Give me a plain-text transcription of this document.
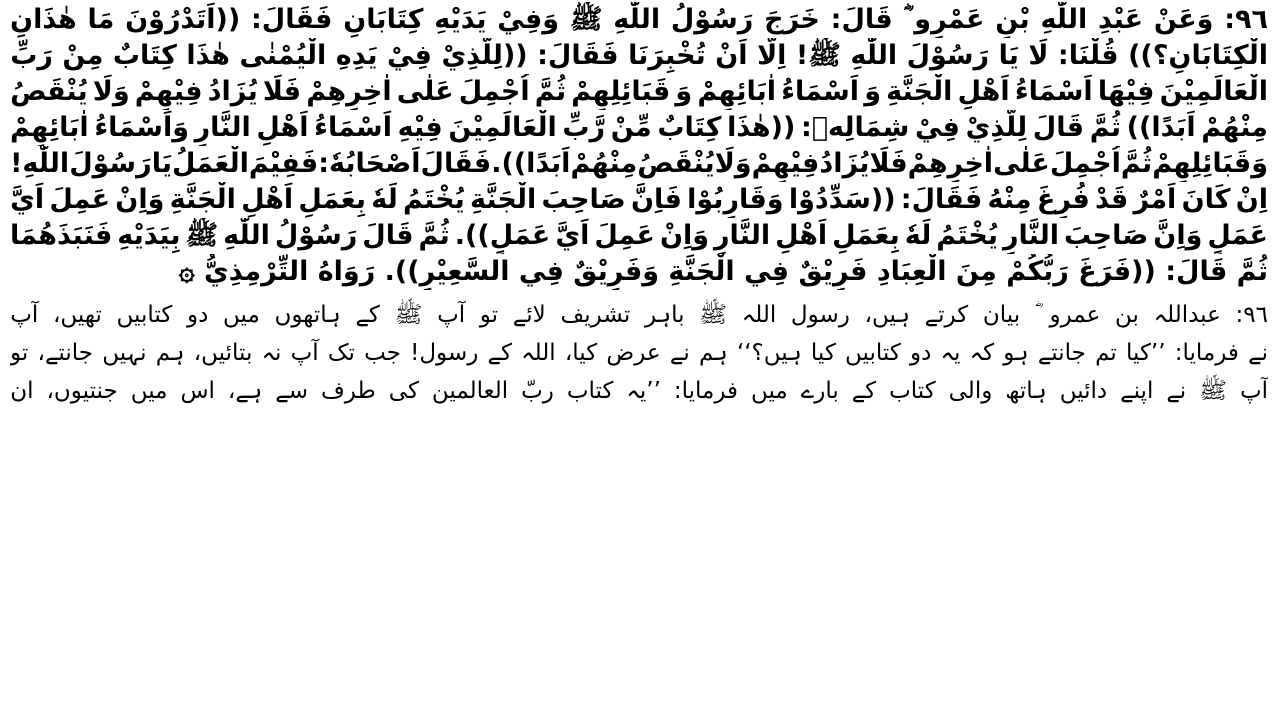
٩٦:
وَعَنْ
عَبْدِ
اللّٰهِ
بْنِ
عَمْرٍو
قَالَ:
خَرَجَ
رَسُوْلُ
اللّٰهِ
ﷺ
وَفِيْ
يَدَيْهِ
كِتَابَانِ
فَقَالَ:
((اَتَدْرُوْنَ
مَا
هٰذَانِ
الْكِتَابَانِ؟))
قُلْنَا:
لَا
يَا
رَسُوْلَ
اللّٰهِ
ﷺ!
اِلَّا
اَنْ
تُخْبِرَنَا
فَقَالَ:
((لِلَّذِيْ
فِيْ
يَدِهِ
الْيُمْنٰى
هٰذَا
كِتَابٌ
مِنْ
رَبِّ
الْعَالَمِيْنَ
فِيْهَا
اَسْمَاءُ
اَهْلِ
الْجَنَّةِ
وَ
اَسْمَاءُ
اٰبَائِهِمْ
وَ
قَبَائِلِهِمْ
ثُمَّ
اُجْمِلَ
عَلٰى
اٰخِرِهِمْ
فَلَا
يُزَادُ
فِيْهِمْ
وَلَا
يُنْقَصُ
مِنْهُمْ
اَبَدًا))
ثُمَّ
قَالَ
لِلَّذِيْ
فِيْ
شِمَالِهٖ:
((هٰذَا
كِتَابٌ
مِّنْ
رَّبِّ
الْعَالَمِيْنَ
فِيْهِ
اَسْمَاءُ
اَهْلِ
النَّارِ
وَاَسْمَاءُ
اٰبَائِهِمْ
وَقَبَائِلِهِمْ
ثُمَّ
اُجْمِلَ
عَلٰى
اٰخِرِهِمْ
فَلَا
يُزَادُ
فِيْهِمْ
وَلَا
يُنْقَصُ
مِنْهُمْ
اَبَدًا)).
فَقَالَ
اَصْحَابُهٗ:
فَفِيْمَ
الْعَمَلُ
يَا
رَسُوْلَ
اللّٰهِ!
اِنْ
كَانَ
اَمْرٌ
قَدْ
فُرِغَ
مِنْهُ
فَقَالَ:
((سَدِّدُوْا
وَقَارِبُوْا
فَاِنَّ
صَاحِبَ
الْجَنَّةِ
يُخْتَمُ
لَهٗ
بِعَمَلِ
اَهْلِ
الْجَنَّةِ
وَاِنْ
عَمِلَ
اَيَّ
عَمَلٍ
وَاِنَّ
صَاحِبَ
النَّارِ
يُخْتَمُ
لَهٗ
بِعَمَلِ
اَهْلِ
النَّارِ
وَاِنْ
عَمِلَ
اَيَّ
عَمَلٍ)).
ثُمَّ
قَالَ
رَسُوْلُ
اللّٰهِ
ﷺ
بِيَدَيْهِ
فَنَبَذَهُمَا
ثُمَّ قَالَ: ((فَرَغَ رَبُّكُمْ مِنَ الْعِبَادِ فَرِيْقٌ فِي الْجَنَّةِ وَفَرِيْقٌ فِي السَّعِيْرِ)). رَوَاهُ التِّرْمِذِيُّ ۞
٩٦:
عبداللہ
بن
عمرو
بیان
کرتے
ہیں،
رسول
اللہ
ﷺ
باہر
تشریف
لائے
تو
آپ
ﷺ
کے
ہاتھوں
میں
دو
کتابیں
تھیں،
آپ
نے
فرمایا:
’’کیا
تم
جانتے
ہو
کہ
یہ
دو
کتابیں
کیا
ہیں؟‘‘
ہم
نے
عرض
کیا،
اللہ
کے
رسول!
جب
تک
آپ
نہ
بتائیں،
ہم
نہیں
جانتے،
تو
آپ
ﷺ
نے
اپنے
دائیں
ہاتھ
والی
کتاب
کے
بارے
میں
فرمایا:
’’یہ
کتاب
ربّ
العالمین
کی
طرف
سے
ہے،
اس
میں
جنتیوں،
ان
